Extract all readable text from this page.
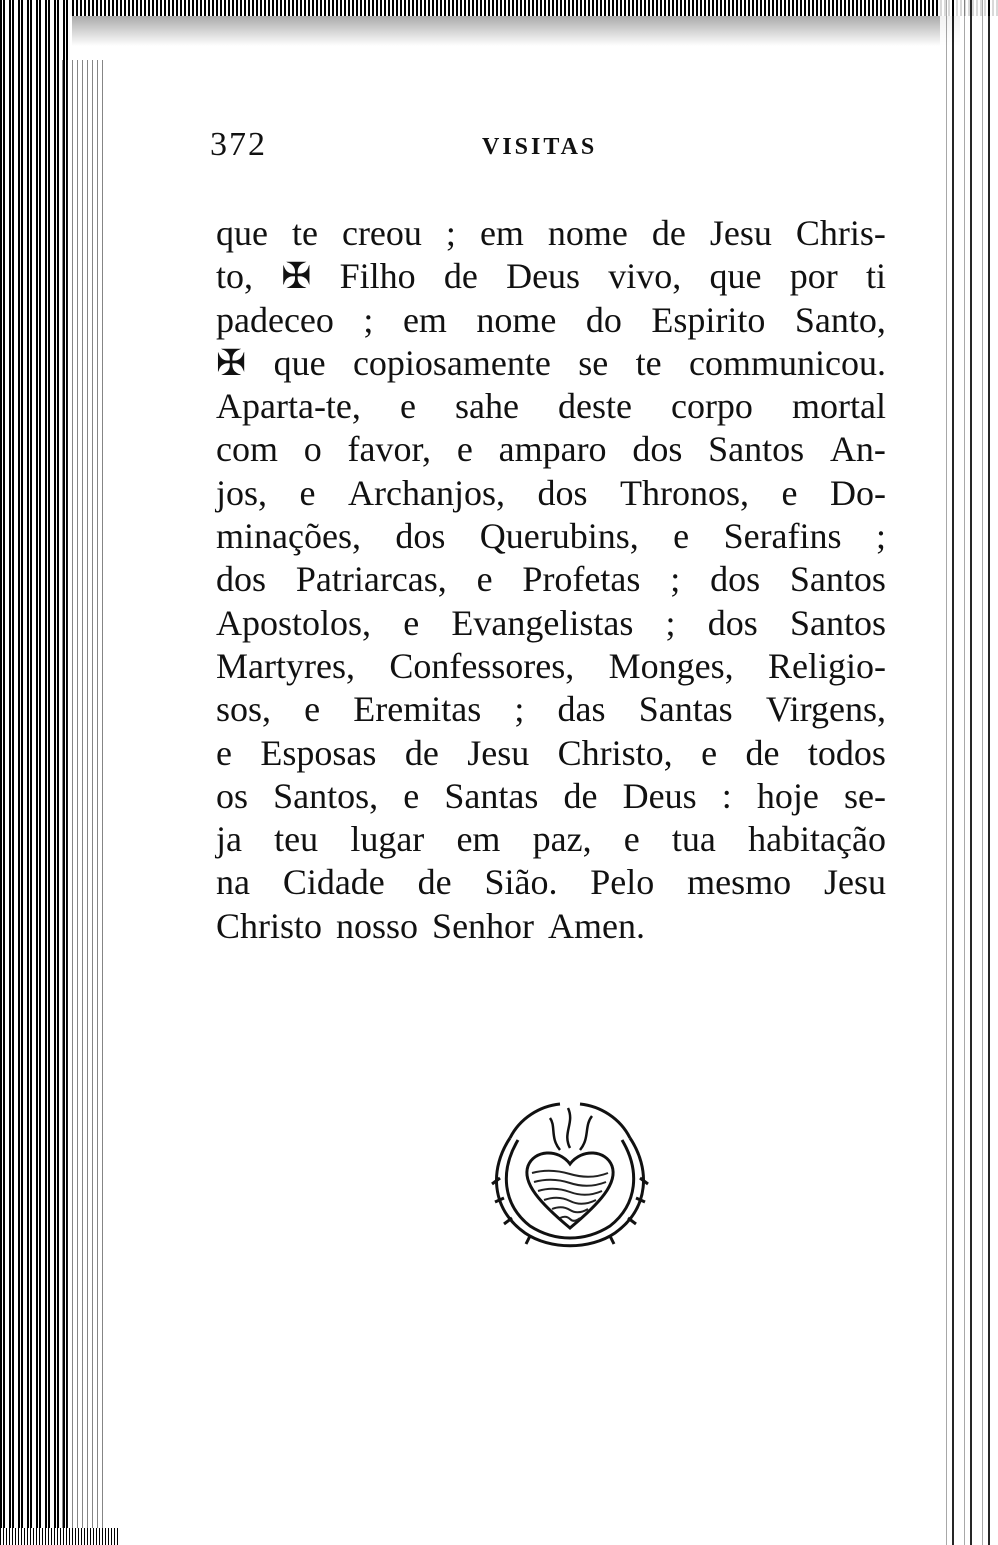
372	VISITAS
que te creou ; em nome de Jesu Chris-
to, ✠ Filho de Deus vivo, que por ti
padeceo ; em nome do Espirito Santo,
✠ que copiosamente se te communicou.
Aparta-te, e sahe deste corpo mortal
com o favor, e amparo dos Santos An-
jos, e Archanjos, dos Thronos, e Do-
minações, dos Querubins, e Serafins ;
dos Patriarcas, e Profetas ; dos Santos
Apostolos, e Evangelistas ; dos Santos
Martyres, Confessores, Monges, Religio-
sos, e Eremitas ; das Santas Virgens,
e Esposas de Jesu Christo, e de todos
os Santos, e Santas de Deus : hoje se-
ja teu lugar em paz, e tua habitação
na Cidade de Sião. Pelo mesmo Jesu
Christo nosso Senhor Amen.
